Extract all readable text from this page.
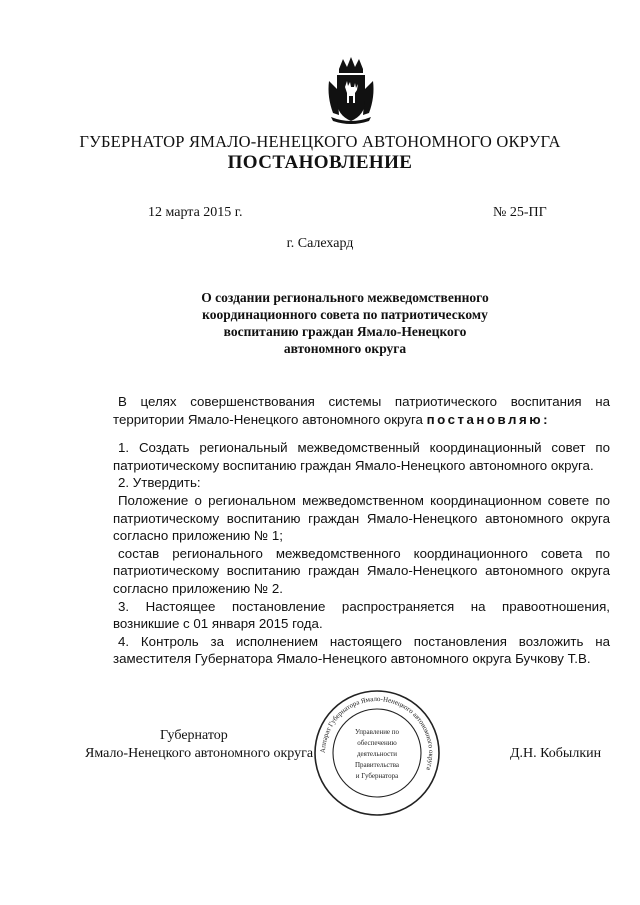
ГУБЕРНАТОР ЯМАЛО-НЕНЕЦКОГО АВТОНОМНОГО ОКРУГА
ПОСТАНОВЛЕНИЕ
12 марта 2015 г.	№ 25-ПГ
г. Салехард
О создании регионального межведомственного
координационного совета по патриотическому
воспитанию граждан Ямало-Ненецкого
автономного округа

В целях совершенствования системы патриотического воспитания на территории Ямало-Ненецкого автономного округа постановляю:

1. Создать региональный межведомственный координационный совет по патриотическому воспитанию граждан Ямало-Ненецкого автономного округа.

2. Утвердить:

Положение о региональном межведомственном координационном совете по патриотическому воспитанию граждан Ямало-Ненецкого автономного округа согласно приложению № 1;

состав регионального межведомственного координационного совета по патриотическому воспитанию граждан Ямало-Ненецкого автономного округа согласно приложению № 2.

3. Настоящее постановление распространяется на правоотношения, возникшие с 01 января 2015 года.

4. Контроль за исполнением настоящего постановления возложить на заместителя Губернатора Ямало-Ненецкого автономного округа Бучкову Т.В.

Губернатор
Ямало-Ненецкого автономного округа	Д.Н. Кобылкин
Аппарат Губернатора Ямало-Ненецкого автономного округа
Управление по
обеспечению
деятельности
Правительства
и Губернатора
